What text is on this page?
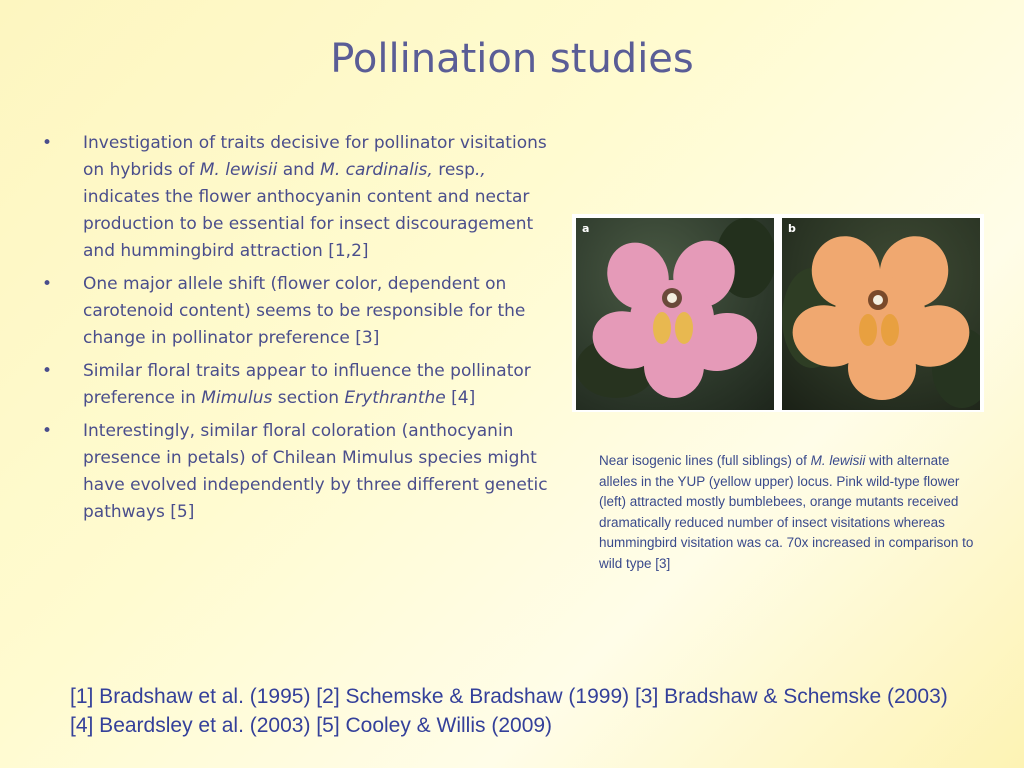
Pollination studies
• Investigation of traits decisive for pollinator visitations on hybrids of M. lewisii and M. cardinalis, resp., indicates the flower anthocyanin content and nectar production to be essential for insect discouragement and hummingbird attraction [1,2]
• One major allele shift (flower color, dependent on carotenoid content) seems to be responsible for the change in pollinator preference [3]
• Similar floral traits appear to influence the pollinator preference in Mimulus section Erythranthe [4]
• Interestingly, similar floral coloration (anthocyanin presence in petals) of Chilean Mimulus species might have evolved independently by three different genetic pathways [5]
a	b
Near isogenic lines (full siblings) of M. lewisii with alternate alleles in the YUP (yellow upper) locus. Pink wild-type flower (left) attracted mostly bumblebees, orange mutants received dramatically reduced number of insect visitations whereas hummingbird visitation was ca. 70x increased in comparison to wild type [3]
[1] Bradshaw et al. (1995) [2] Schemske & Bradshaw (1999) [3] Bradshaw & Schemske (2003) [4] Beardsley et al. (2003) [5] Cooley & Willis (2009)
